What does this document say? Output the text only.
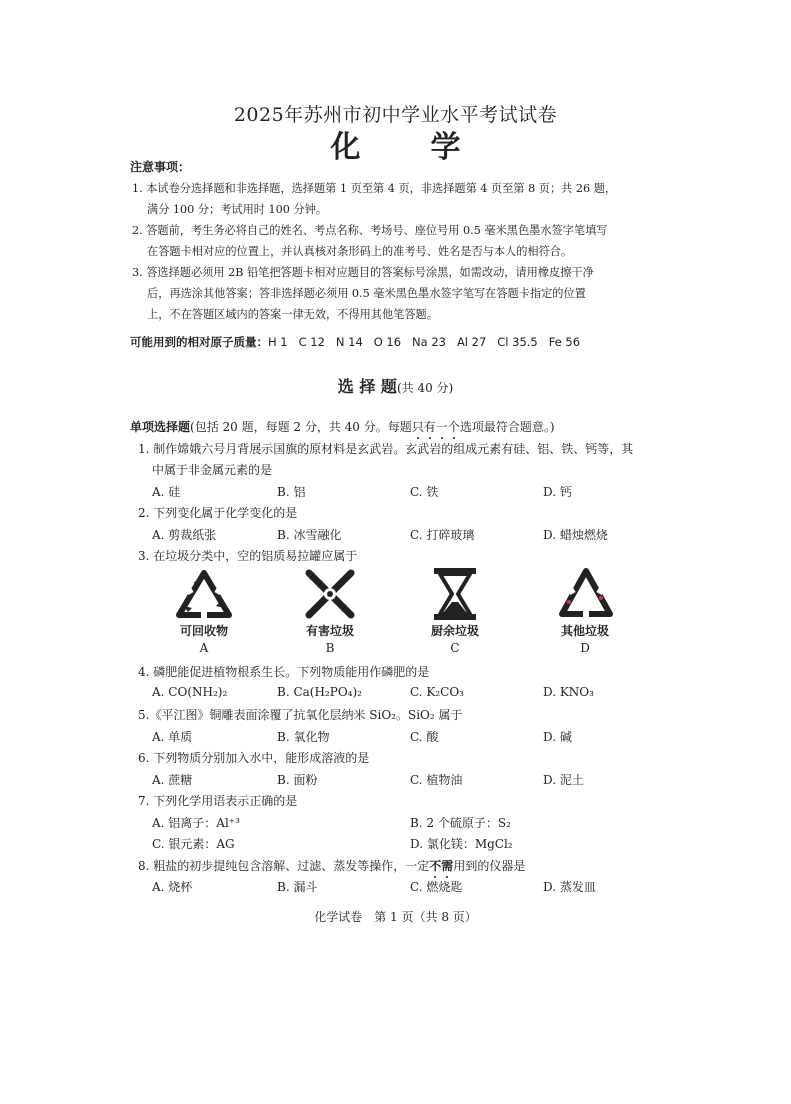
2025年苏州市初中学业水平考试试卷
化 学
注意事项：
1. 本试卷分选择题和非选择题，选择题第 1 页至第 4 页，非选择题第 4 页至第 8 页；共 26 题，
满分 100 分；考试用时 100 分钟。
2. 答题前，考生务必将自己的姓名、考点名称、考场号、座位号用 0.5 毫米黑色墨水签字笔填写
在答题卡相对应的位置上，并认真核对条形码上的准考号、姓名是否与本人的相符合。
3. 答选择题必须用 2B 铅笔把答题卡相对应题目的答案标号涂黑，如需改动，请用橡皮擦干净
后，再选涂其他答案；答非选择题必须用 0.5 毫米黑色墨水签字笔写在答题卡指定的位置
上，不在答题区域内的答案一律无效，不得用其他笔答题。
可能用到的相对原子质量：H 1   C 12   N 14   O 16   Na 23   Al 27   Cl 35.5   Fe 56
选 择 题(共 40 分)
单项选择题(包括 20 题，每题 2 分，共 40 分。每题只有一个选项最符合题意。)
1. 制作嫦娥六号月背展示国旗的原材料是玄武岩。玄武岩的组成元素有硅、铝、铁、钙等，其
中属于非金属元素的是
A. 硅	B. 铝	C. 铁	D. 钙
2. 下列变化属于化学变化的是
A. 剪裁纸张	B. 冰雪融化	C. 打碎玻璃	D. 蜡烛燃烧
3. 在垃圾分类中，空的铝质易拉罐应属于
可回收物
A
有害垃圾
B
厨余垃圾
C
其他垃圾
D
4. 磷肥能促进植物根系生长。下列物质能用作磷肥的是
A. CO(NH₂)₂	B. Ca(H₂PO₄)₂	C. K₂CO₃	D. KNO₃
5.《平江图》铜雕表面涂覆了抗氧化层纳米 SiO₂。SiO₂ 属于
A. 单质	B. 氧化物	C. 酸	D. 碱
6. 下列物质分别加入水中，能形成溶液的是
A. 蔗糖	B. 面粉	C. 植物油	D. 泥土
7. 下列化学用语表示正确的是
A. 铝离子：Al⁺³	B. 2 个硫原子：S₂
C. 银元素：AG	D. 氯化镁：MgCl₂
8. 粗盐的初步提纯包含溶解、过滤、蒸发等操作，一定不需用到的仪器是
A. 烧杯	B. 漏斗	C. 燃烧匙	D. 蒸发皿
化学试卷　第 1 页（共 8 页）
